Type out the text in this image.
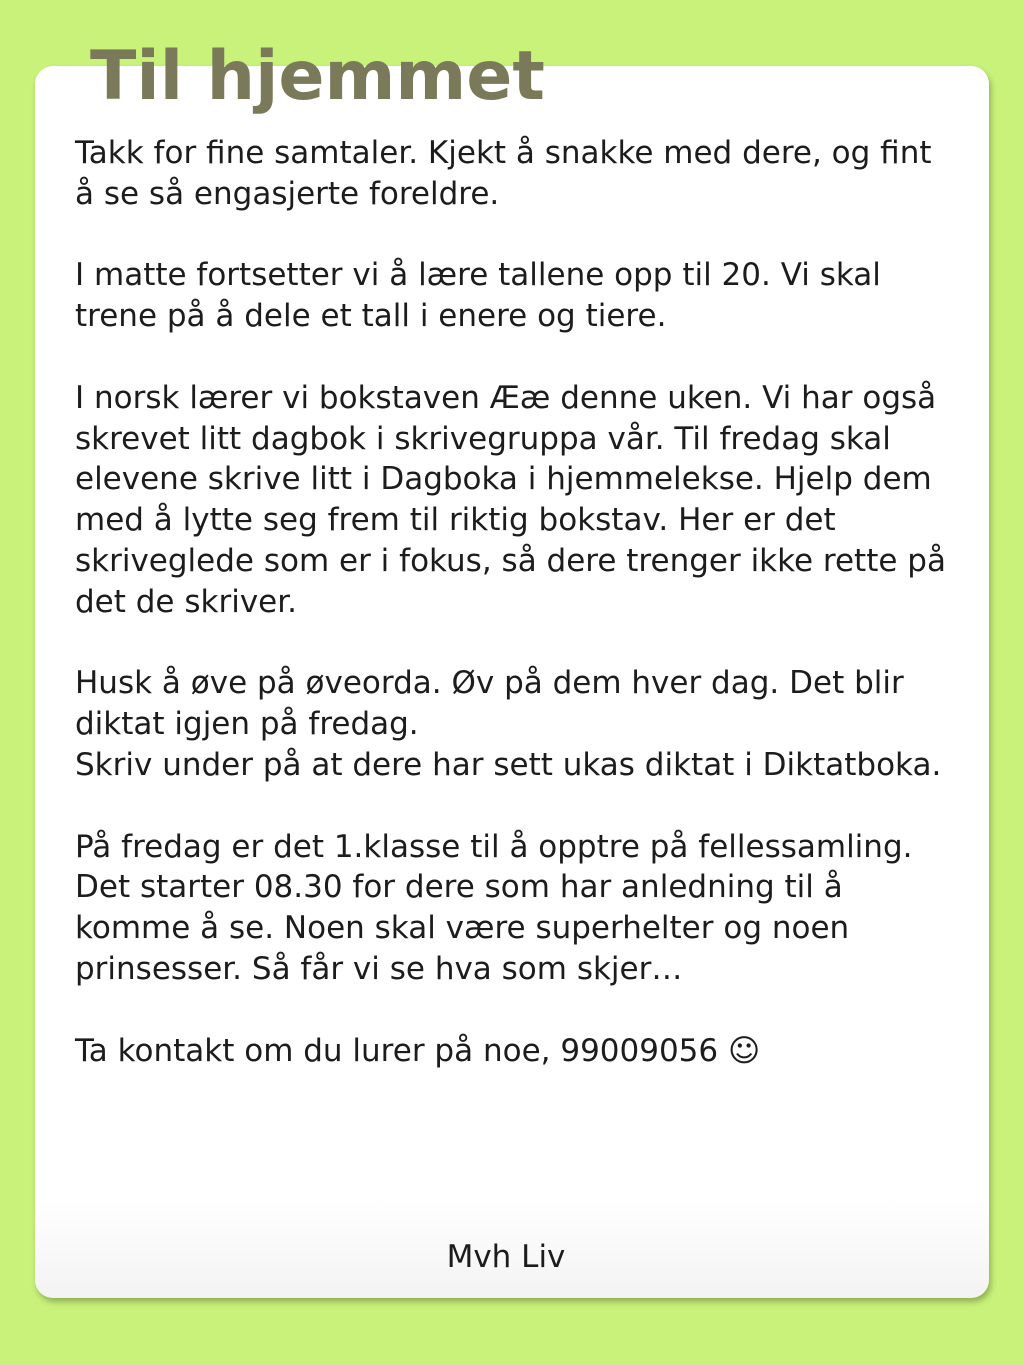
Til hjemmet

Takk for fine samtaler. Kjekt å snakke med dere, og fint å se så engasjerte foreldre.

I matte fortsetter vi å lære tallene opp til 20. Vi skal trene på å dele et tall i enere og tiere.

I norsk lærer vi bokstaven Ææ denne uken. Vi har også skrevet litt dagbok i skrivegruppa vår. Til fredag skal elevene skrive litt i Dagboka i hjemmelekse. Hjelp dem med å lytte seg frem til riktig bokstav. Her er det skriveglede som er i fokus, så dere trenger ikke rette på det de skriver.

Husk å øve på øveorda. Øv på dem hver dag. Det blir diktat igjen på fredag.

Skriv under på at dere har sett ukas diktat i Diktatboka.

På fredag er det 1.klasse til å opptre på fellessamling. Det starter 08.30 for dere som har anledning til å komme å se. Noen skal være superhelter og noen prinsesser. Så får vi se hva som skjer…

Ta kontakt om du lurer på noe, 99009056 ☺

Mvh Liv
